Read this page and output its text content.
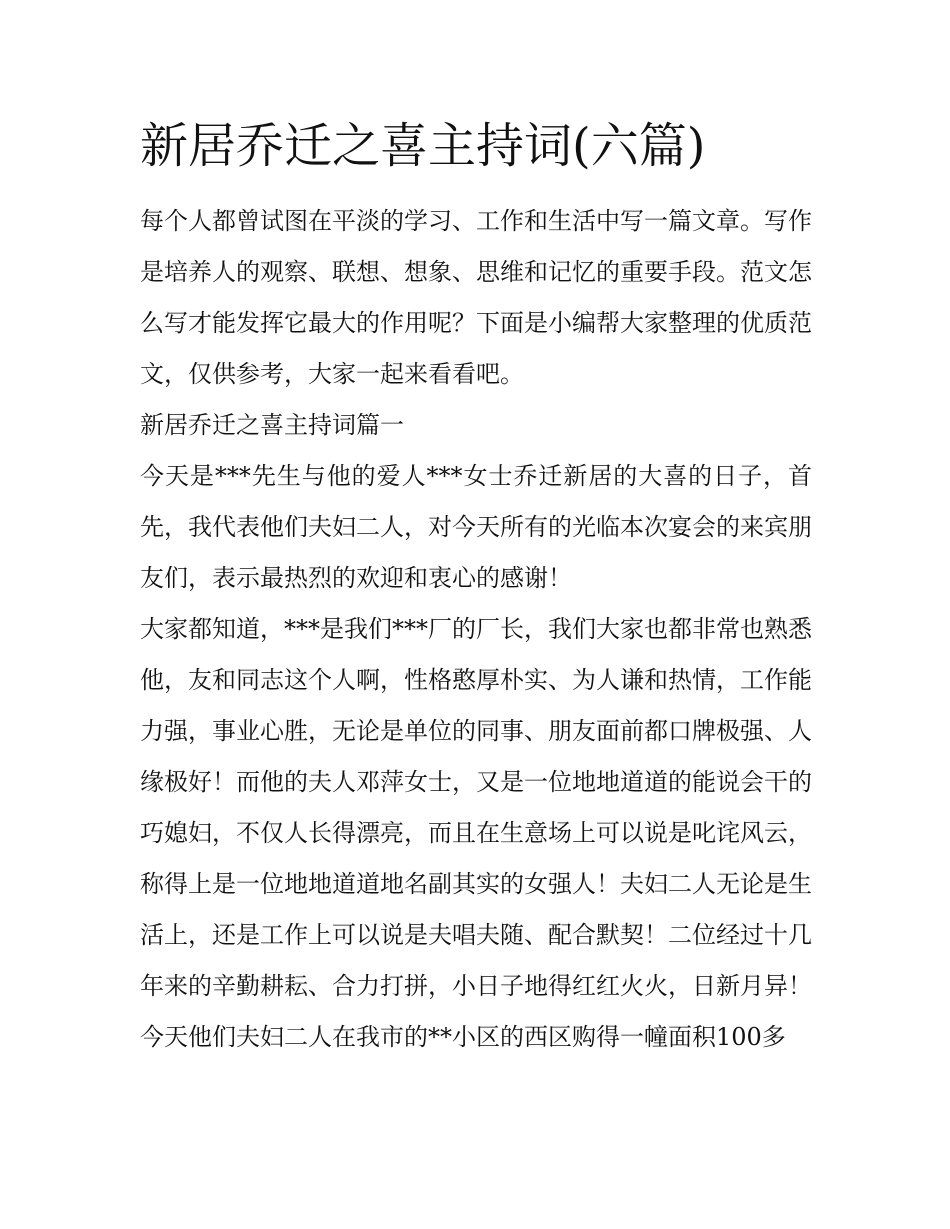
新居乔迁之喜主持词(六篇)

每个人都曾试图在平淡的学习、工作和生活中写一篇文章。写作是培养人的观察、联想、想象、思维和记忆的重要手段。范文怎么写才能发挥它最大的作用呢？下面是小编帮大家整理的优质范文，仅供参考，大家一起来看看吧。

新居乔迁之喜主持词篇一

今天是***先生与他的爱人***女士乔迁新居的大喜的日子，首先，我代表他们夫妇二人，对今天所有的光临本次宴会的来宾朋友们，表示最热烈的欢迎和衷心的感谢！

大家都知道，***是我们***厂的厂长，我们大家也都非常也熟悉他，友和同志这个人啊，性格憨厚朴实、为人谦和热情，工作能力强，事业心胜，无论是单位的同事、朋友面前都口牌极强、人缘极好！而他的夫人邓萍女士，又是一位地地道道的能说会干的巧媳妇，不仅人长得漂亮，而且在生意场上可以说是叱诧风云，称得上是一位地地道道地名副其实的女强人！夫妇二人无论是生活上，还是工作上可以说是夫唱夫随、配合默契！二位经过十几年来的辛勤耕耘、合力打拼，小日子地得红红火火，日新月异！

今天他们夫妇二人在我市的**小区的西区购得一幢面积100多
